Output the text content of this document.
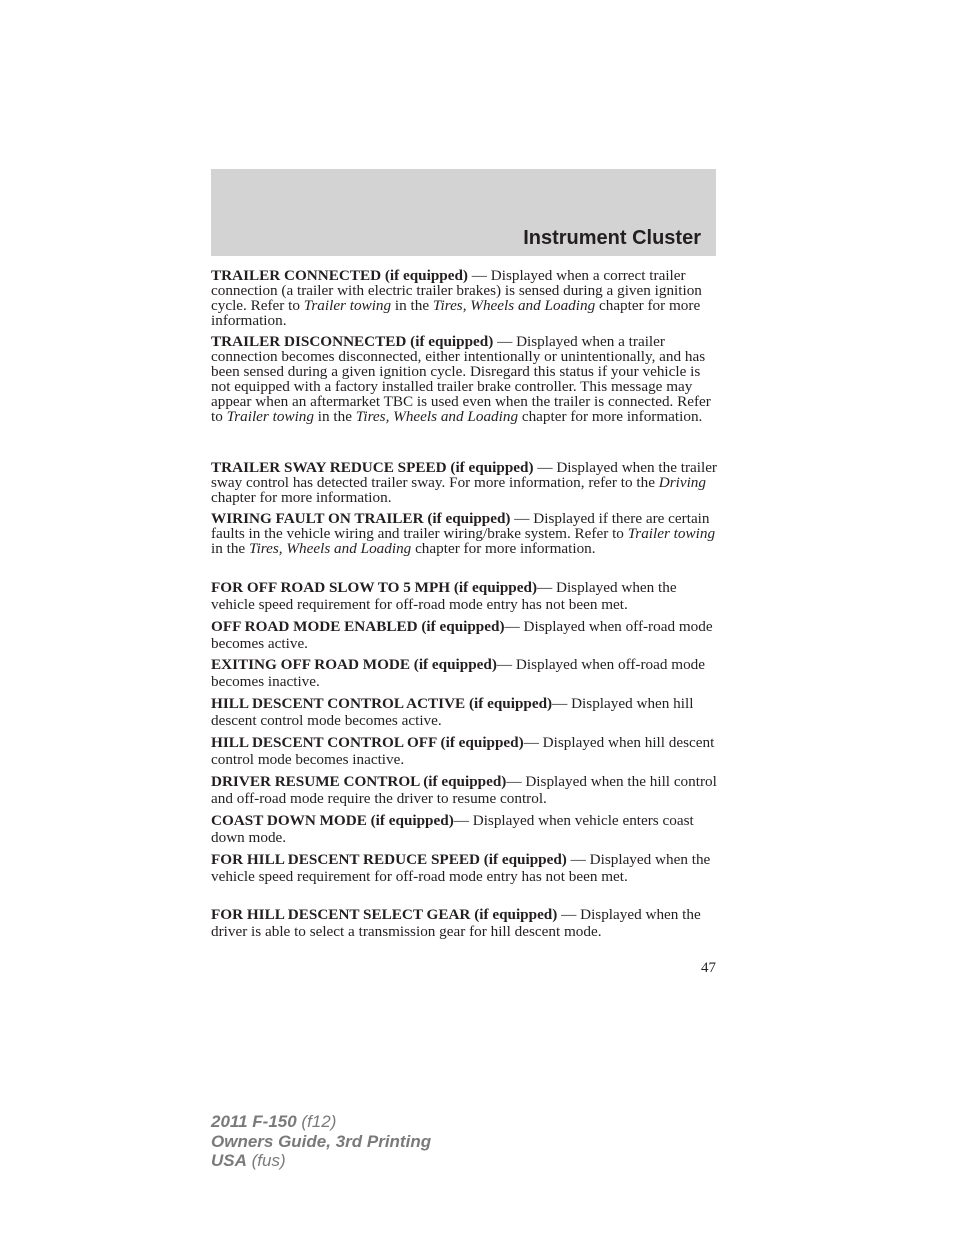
Instrument Cluster

TRAILER CONNECTED (if equipped) — Displayed when a correct trailer connection (a trailer with electric trailer brakes) is sensed during a given ignition cycle. Refer to Trailer towing in the Tires, Wheels and Loading chapter for more information.

TRAILER DISCONNECTED (if equipped) — Displayed when a trailer connection becomes disconnected, either intentionally or unintentionally, and has been sensed during a given ignition cycle. Disregard this status if your vehicle is not equipped with a factory installed trailer brake controller. This message may appear when an aftermarket TBC is used even when the trailer is connected. Refer to Trailer towing in the Tires, Wheels and Loading chapter for more information.

TRAILER SWAY REDUCE SPEED (if equipped) — Displayed when the trailer sway control has detected trailer sway. For more information, refer to the Driving chapter for more information.

WIRING FAULT ON TRAILER (if equipped) — Displayed if there are certain faults in the vehicle wiring and trailer wiring/brake system. Refer to Trailer towing in the Tires, Wheels and Loading chapter for more information.

FOR OFF ROAD SLOW TO 5 MPH (if equipped)— Displayed when the vehicle speed requirement for off-road mode entry has not been met.

OFF ROAD MODE ENABLED (if equipped)— Displayed when off-road mode becomes active.

EXITING OFF ROAD MODE (if equipped)— Displayed when off-road mode becomes inactive.

HILL DESCENT CONTROL ACTIVE (if equipped)— Displayed when hill descent control mode becomes active.

HILL DESCENT CONTROL OFF (if equipped)— Displayed when hill descent control mode becomes inactive.

DRIVER RESUME CONTROL (if equipped)— Displayed when the hill control and off-road mode require the driver to resume control.

COAST DOWN MODE (if equipped)— Displayed when vehicle enters coast down mode.

FOR HILL DESCENT REDUCE SPEED (if equipped) — Displayed when the vehicle speed requirement for off-road mode entry has not been met.

FOR HILL DESCENT SELECT GEAR (if equipped) — Displayed when the driver is able to select a transmission gear for hill descent mode.

47
2011 F-150 (f12)
Owners Guide, 3rd Printing
USA (fus)
